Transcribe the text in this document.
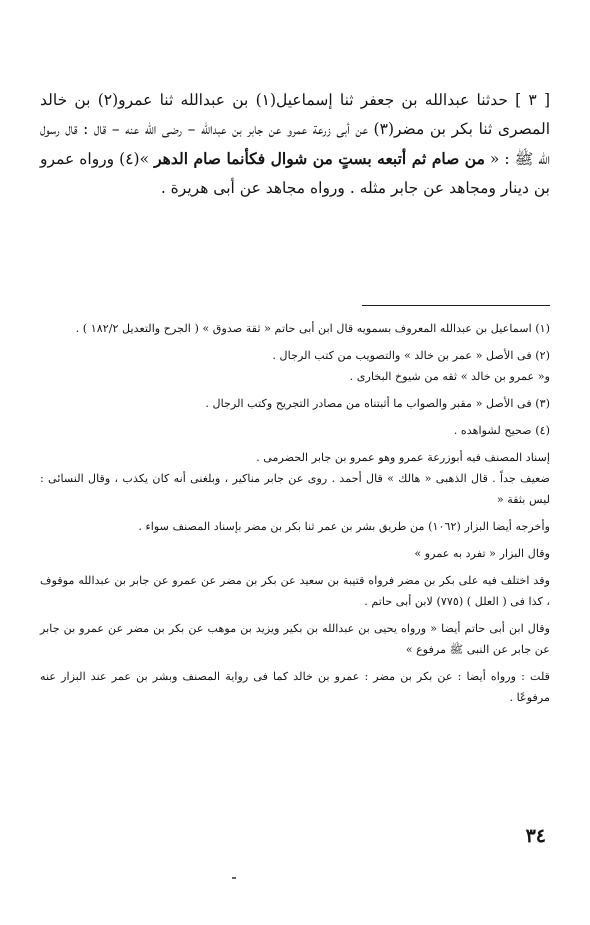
[ ٣ ] حدثنا عبدالله بن جعفر ثنا إسماعيل(١) بن عبدالله ثنا عمرو(٢) بن خالد المصرى ثنا بكر بن مضر(٣) عن أبى زرعة عمرو عن جابر بن عبدالله – رضى الله عنه – قال : قال رسول الله ﷺ : « من صام ثم أتبعه بستٍ من شوال فكأنما صام الدهر »(٤) ورواه عمرو بن دينار ومجاهد عن جابر مثله . ورواه مجاهد عن أبى هريرة .

(١) اسماعيل بن عبدالله المعروف بسمويه قال ابن أبى حاتم « ثقة صدوق » ( الجرح والتعديل ١٨٢/٢ ) .

(٢) فى الأصل « عمر بن خالد » والتصويب من كتب الرجال .

و« عمرو بن خالد » ثقه من شيوخ البخارى .

(٣) فى الأصل « مقبر والصواب ما أثبتناه من مصادر التجريح وكتب الرجال .

(٤) صحيح لشواهده .

إسناد المصنف فيه أبوزرعة عمرو وهو عمرو بن جابر الحضرمى .

ضعيف جداً . قال الذهبى « هالك » قال أحمد . روى عن جابر مناكير ، وبلغنى أنه كان يكذب ، وقال النسائى : ليس بثقة «

وأخرجه أيضا البزار (١٠٦٢) من طريق بشر بن عمر ثنا بكر بن مضر بإسناد المصنف سواء .

وقال البزار « تفرد به عمرو »

وقد اختلف فيه على بكر بن مضر فرواه قتيبة بن سعيد عن بكر بن مضر عن عمرو عن جابر بن عبدالله موقوف ، كذا فى ( العلل ) (٧٧٥) لابن أبى حاتم .

وقال ابن أبى حاتم أيضا « ورواه يحيى بن عبدالله بن بكير ويزيد بن موهب عن بكر بن مضر عن عمرو بن جابر عن جابر عن النبى ﷺ مرفوع »

قلت : ورواه أيضا : عن بكر بن مضر : عمرو بن خالد كما فى رواية المصنف وبشر بن عمر عند البزار عنه مرفوعًا .

٣٤
